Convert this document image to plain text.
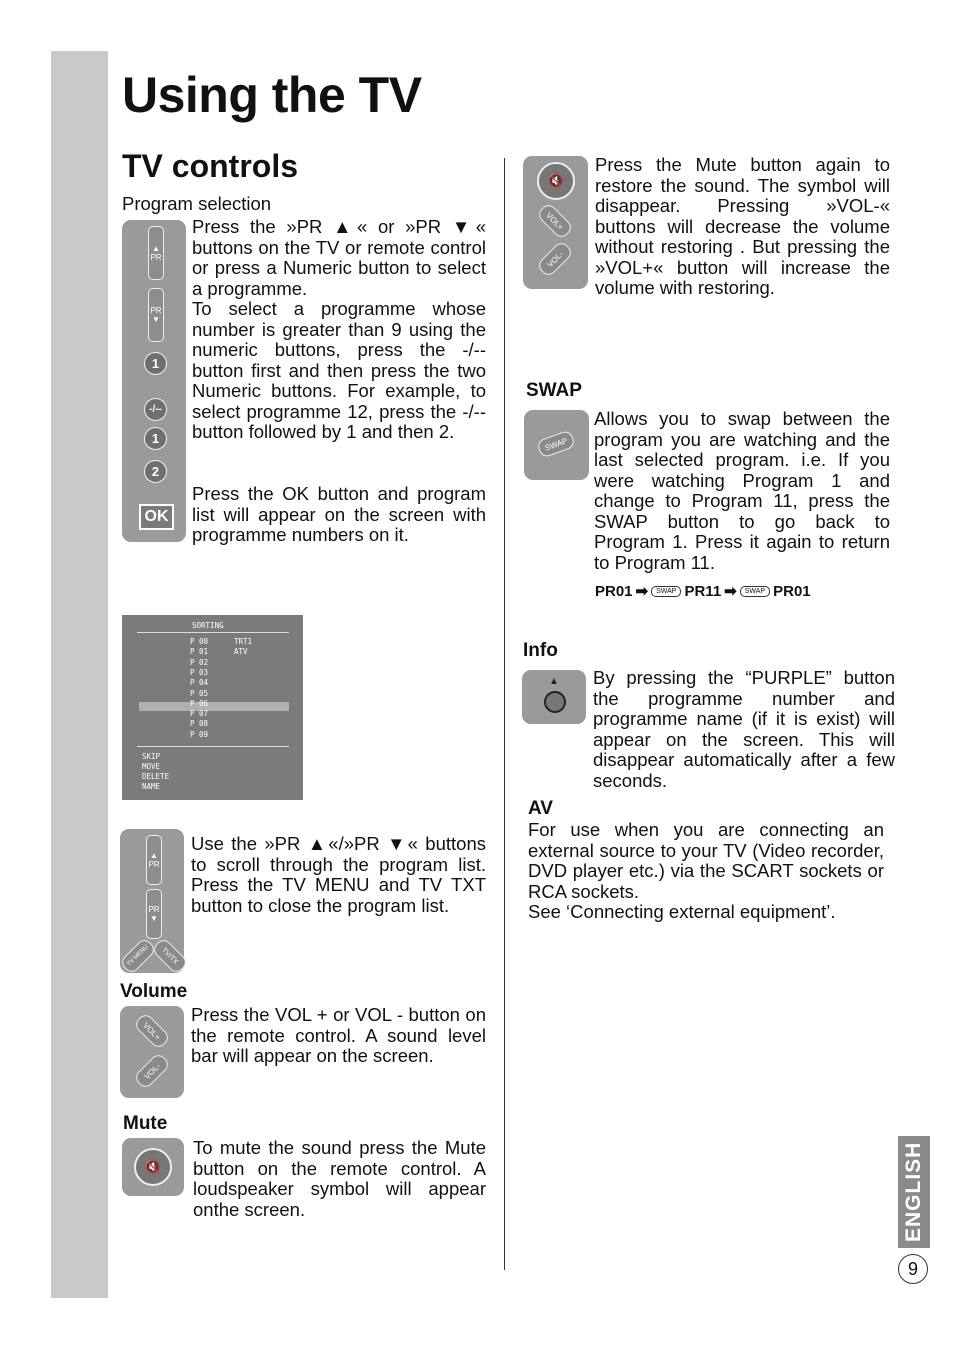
Using the TV
TV controls
Program selection
▲
PR
PR
▼
1
-/--
1
2
OK
Press the »PR ▲« or »PR ▼« buttons on the TV or remote control or press a Numeric button to select a programme.
To select a programme whose number is greater than 9 using the numeric buttons, press the -/-- button first and then press the two Numeric buttons. For example, to select programme 12, press the -/-- button followed by 1 and then 2.
Press the OK button and program list will appear on the screen with programme numbers on it.
SORTING
P 00	TRT1
P 01	ATV
P 02
P 03
P 04
P 05
P 06
P 07
P 08
P 09
SKIP
MOVE
DELETE
NAME
▲
PR
PR
▼
TV MENU	TV/TX
Use the »PR ▲«/»PR ▼« buttons to scroll through the program list. Press the TV MENU and TV TXT button to close the program list.
Volume
VOL+
VOL-
Press the VOL + or VOL - button on the remote control. A sound level bar will appear on the screen.
Mute
🔇
To mute the sound press the Mute button on the remote control. A loudspeaker symbol will appear onthe screen.
🔇
VOL+
VOL-
Press the Mute button again to restore the sound. The symbol will disappear. Pressing »VOL-« buttons will decrease the volume without restoring . But pressing the »VOL+« button will increase the volume with restoring.
SWAP
SWAP
Allows you to swap between the program you are watching and the last selected program. i.e. If you were watching Program 1 and change to Program 11, press the SWAP button to go back to Program 1. Press it again to return to Program 11.
PR01 ➡	SWAP PR11 ➡	SWAP PR01
Info
▲ By pressing the “PURPLE” button the programme number and programme name (if it is exist) will appear on the screen. This will disappear automatically after a few seconds.
AV
For use when you are connecting an external source to your TV (Video recorder, DVD player etc.) via the SCART sockets or RCA sockets.
See ‘Connecting external equipment’.
ENGLISH
9
